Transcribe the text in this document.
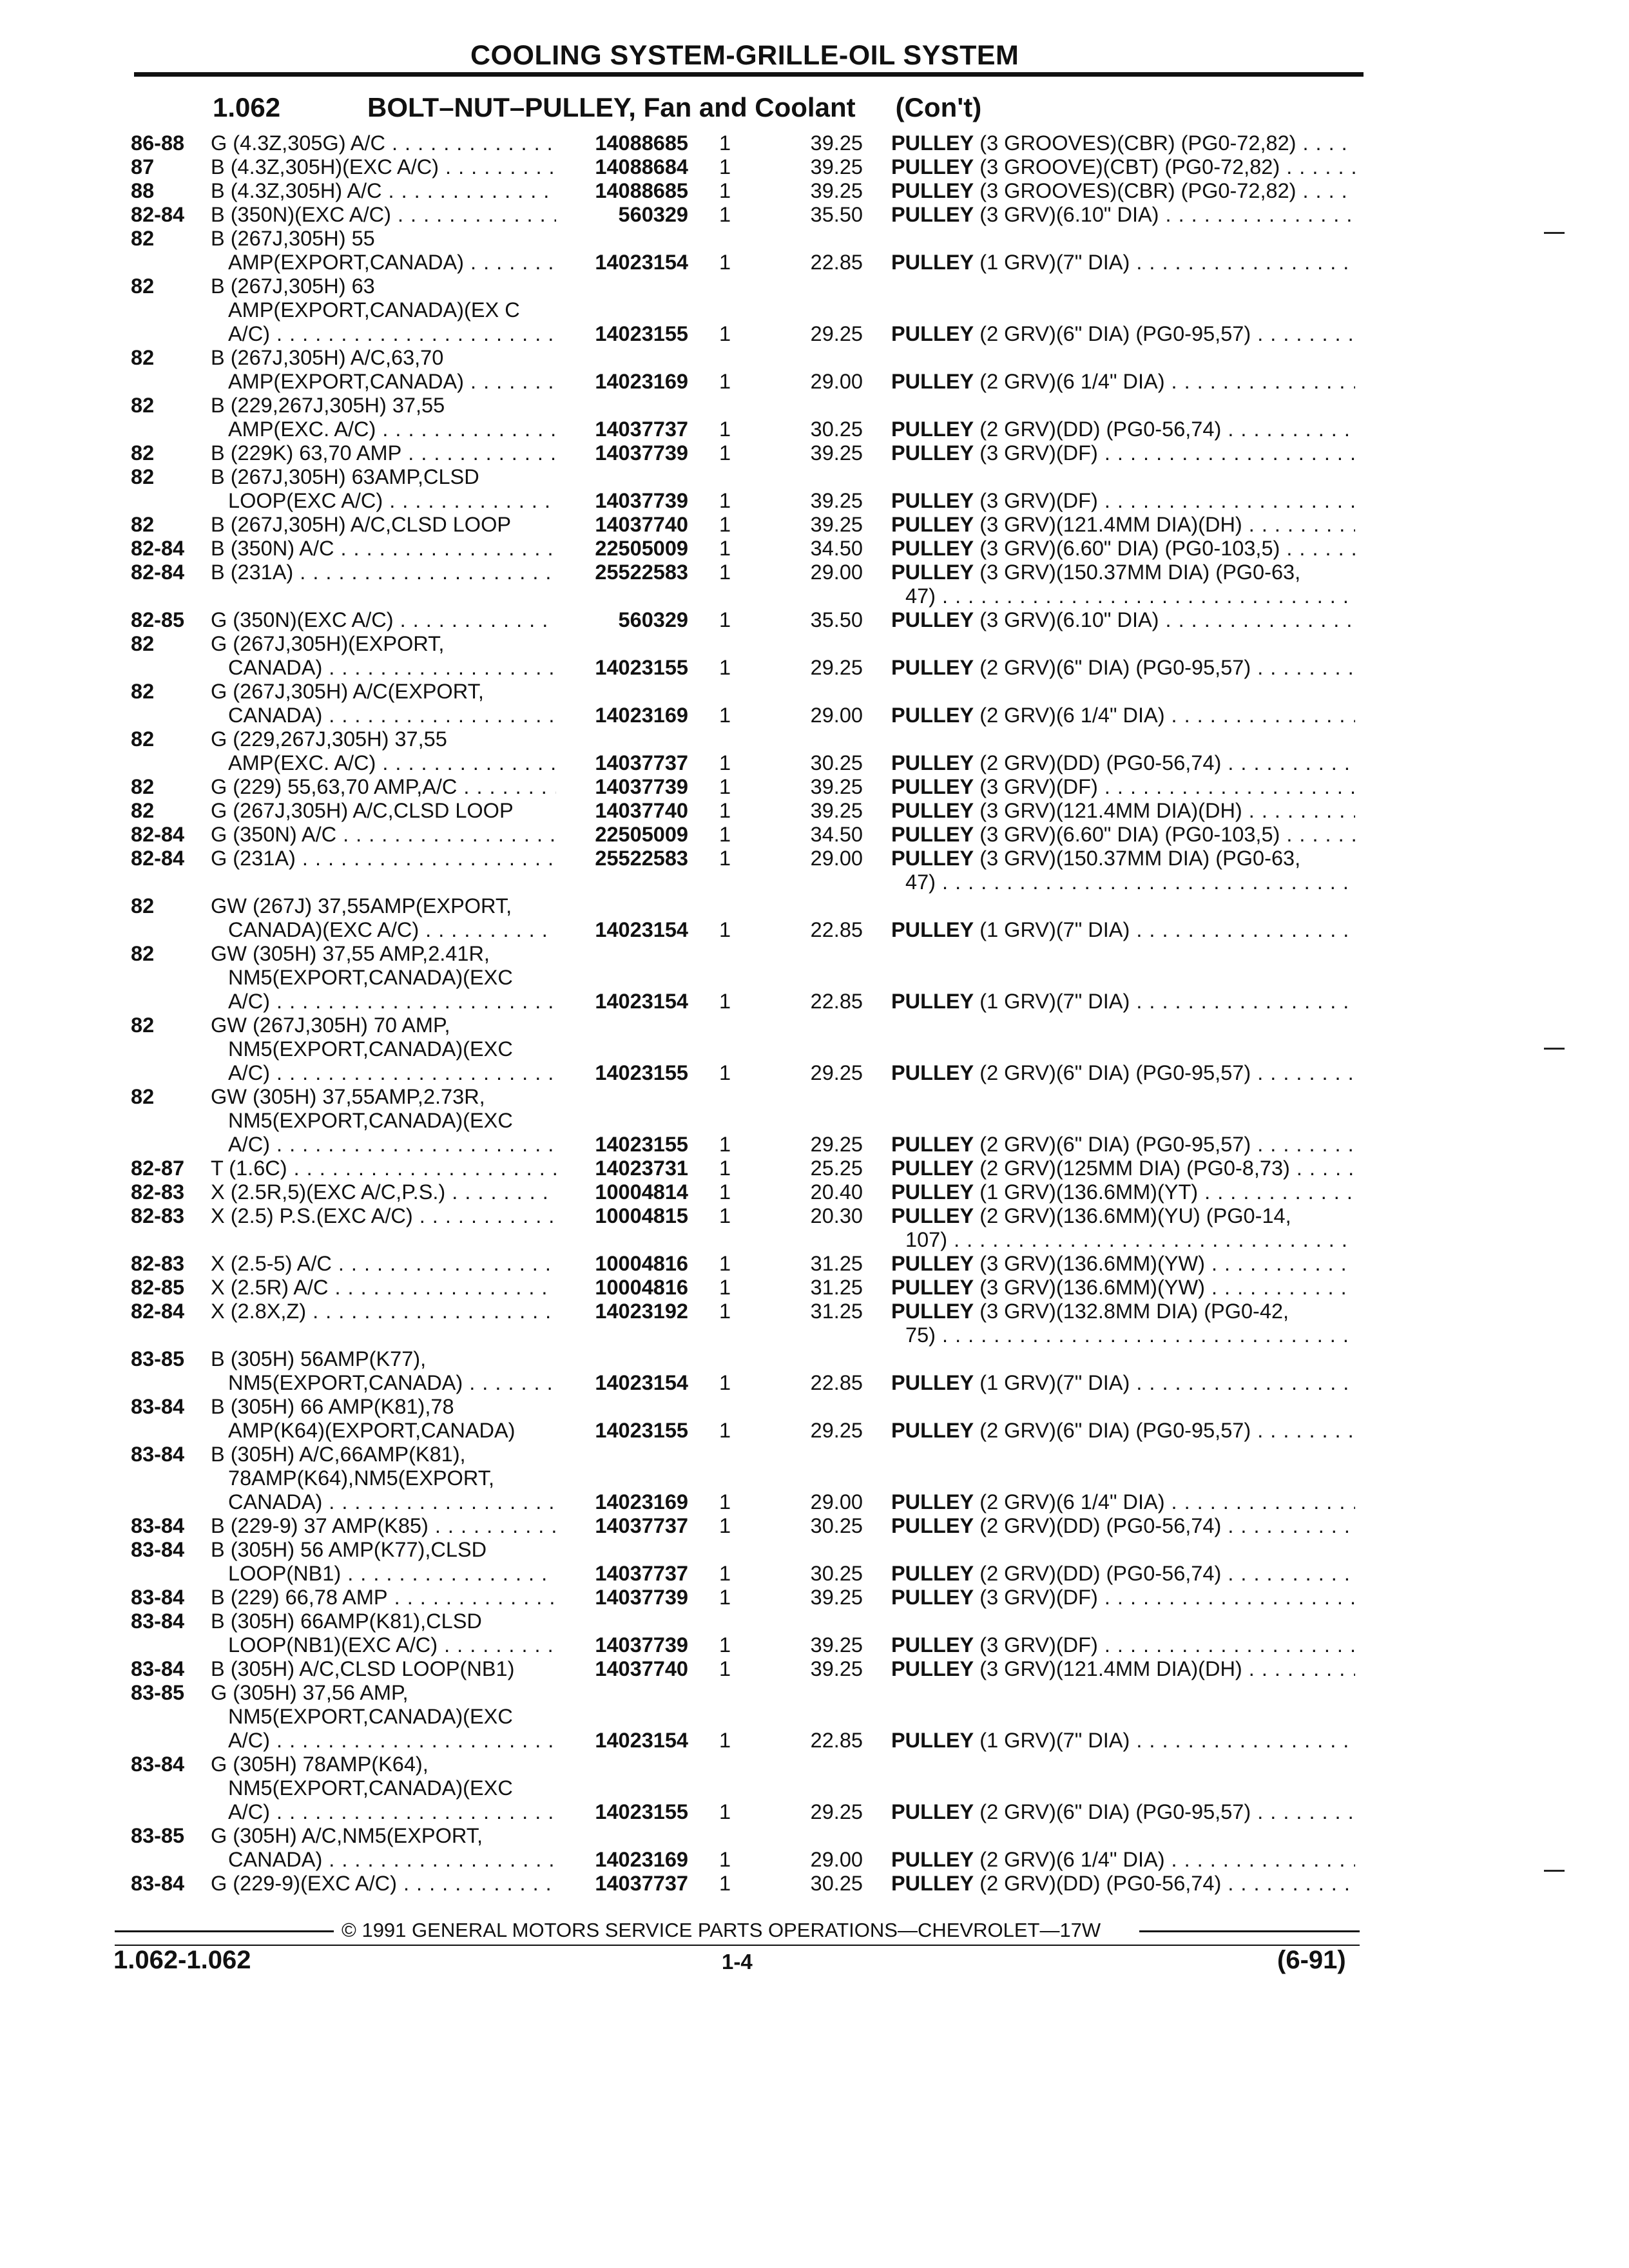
COOLING SYSTEM-GRILLE-OIL SYSTEM
1.062	BOLT–NUT–PULLEY, Fan and Coolant (Con't)
86-88 G (4.3Z,305G) A/C . . .	14088685 1	39.25 PULLEY (3 GROOVES)(CBR) (PG0-72,82) . . .
87	B (4.3Z,305H)(EXC A/C) . . .	14088684 1	39.25 PULLEY (3 GROOVE)(CBT) (PG0-72,82) . . .
88	B (4.3Z,305H) A/C . . .	14088685 1	39.25 PULLEY (3 GROOVES)(CBR) (PG0-72,82) . . .
82-84 B (350N)(EXC A/C) . . .	560329 1	35.50 PULLEY (3 GRV)(6.10" DIA) . . .
82	B (267J,305H) 55
AMP(EXPORT,CANADA) . . .	14023154 1	22.85 PULLEY (1 GRV)(7" DIA) . . .
82	B (267J,305H) 63
AMP(EXPORT,CANADA)(EX C
A/C) . . .	14023155 1	29.25 PULLEY (2 GRV)(6" DIA) (PG0-95,57) . . .
82	B (267J,305H) A/C,63,70
AMP(EXPORT,CANADA) . . .	14023169 1	29.00 PULLEY (2 GRV)(6 1/4" DIA) . . .
82	B (229,267J,305H) 37,55
AMP(EXC. A/C) . . .	14037737 1	30.25 PULLEY (2 GRV)(DD) (PG0-56,74) . . .
82	B (229K) 63,70 AMP . . .	14037739 1	39.25 PULLEY (3 GRV)(DF) . . .
82	B (267J,305H) 63AMP,CLSD
LOOP(EXC A/C) . . .	14037739 1	39.25 PULLEY (3 GRV)(DF) . . .
82	B (267J,305H) A/C,CLSD LOOP	14037740 1	39.25 PULLEY (3 GRV)(121.4MM DIA)(DH) . . .
82-84 B (350N) A/C . . .	22505009 1	34.50 PULLEY (3 GRV)(6.60" DIA) (PG0-103,5) . . .
82-84 B (231A) . . .	25522583 1	29.00 PULLEY (3 GRV)(150.37MM DIA) (PG0-63,
47) . . .
82-85 G (350N)(EXC A/C) . . .	560329 1	35.50 PULLEY (3 GRV)(6.10" DIA) . . .
82	G (267J,305H)(EXPORT,
CANADA) . . .	14023155 1	29.25 PULLEY (2 GRV)(6" DIA) (PG0-95,57) . . .
82	G (267J,305H) A/C(EXPORT,
CANADA) . . .	14023169 1	29.00 PULLEY (2 GRV)(6 1/4" DIA) . . .
82	G (229,267J,305H) 37,55
AMP(EXC. A/C) . . .	14037737 1	30.25 PULLEY (2 GRV)(DD) (PG0-56,74) . . .
82	G (229) 55,63,70 AMP,A/C . . .	14037739 1	39.25 PULLEY (3 GRV)(DF) . . .
82	G (267J,305H) A/C,CLSD LOOP	14037740 1	39.25 PULLEY (3 GRV)(121.4MM DIA)(DH) . . .
82-84 G (350N) A/C . . .	22505009 1	34.50 PULLEY (3 GRV)(6.60" DIA) (PG0-103,5) . . .
82-84 G (231A) . . .	25522583 1	29.00 PULLEY (3 GRV)(150.37MM DIA) (PG0-63,
47) . . .
82	GW (267J) 37,55AMP(EXPORT,
CANADA)(EXC A/C) . . .	14023154 1	22.85 PULLEY (1 GRV)(7" DIA) . . .
82	GW (305H) 37,55 AMP,2.41R,
NM5(EXPORT,CANADA)(EXC
A/C) . . .	14023154 1	22.85 PULLEY (1 GRV)(7" DIA) . . .
82	GW (267J,305H) 70 AMP,
NM5(EXPORT,CANADA)(EXC
A/C) . . .	14023155 1	29.25 PULLEY (2 GRV)(6" DIA) (PG0-95,57) . . .
82	GW (305H) 37,55AMP,2.73R,
NM5(EXPORT,CANADA)(EXC
A/C) . . .	14023155 1	29.25 PULLEY (2 GRV)(6" DIA) (PG0-95,57) . . .
82-87 T (1.6C) . . .	14023731 1	25.25 PULLEY (2 GRV)(125MM DIA) (PG0-8,73) . . .
82-83 X (2.5R,5)(EXC A/C,P.S.) . . .	10004814 1	20.40 PULLEY (1 GRV)(136.6MM)(YT) . . .
82-83 X (2.5) P.S.(EXC A/C) . . .	10004815 1	20.30 PULLEY (2 GRV)(136.6MM)(YU) (PG0-14,
107) . . .
82-83 X (2.5-5) A/C . . .	10004816 1	31.25 PULLEY (3 GRV)(136.6MM)(YW) . . .
82-85 X (2.5R) A/C . . .	10004816 1	31.25 PULLEY (3 GRV)(136.6MM)(YW) . . .
82-84 X (2.8X,Z) . . .	14023192 1	31.25 PULLEY (3 GRV)(132.8MM DIA) (PG0-42,
75) . . .
83-85 B (305H) 56AMP(K77),
NM5(EXPORT,CANADA) . . .	14023154 1	22.85 PULLEY (1 GRV)(7" DIA) . . .
83-84 B (305H) 66 AMP(K81),78
AMP(K64)(EXPORT,CANADA)	14023155 1	29.25 PULLEY (2 GRV)(6" DIA) (PG0-95,57) . . .
83-84 B (305H) A/C,66AMP(K81),
78AMP(K64),NM5(EXPORT,
CANADA) . . .	14023169 1	29.00 PULLEY (2 GRV)(6 1/4" DIA) . . .
83-84 B (229-9) 37 AMP(K85) . . .	14037737 1	30.25 PULLEY (2 GRV)(DD) (PG0-56,74) . . .
83-84 B (305H) 56 AMP(K77),CLSD
LOOP(NB1) . . .	14037737 1	30.25 PULLEY (2 GRV)(DD) (PG0-56,74) . . .
83-84 B (229) 66,78 AMP . . .	14037739 1	39.25 PULLEY (3 GRV)(DF) . . .
83-84 B (305H) 66AMP(K81),CLSD
LOOP(NB1)(EXC A/C) . . .	14037739 1	39.25 PULLEY (3 GRV)(DF) . . .
83-84 B (305H) A/C,CLSD LOOP(NB1)	14037740 1	39.25 PULLEY (3 GRV)(121.4MM DIA)(DH) . . .
83-85 G (305H) 37,56 AMP,
NM5(EXPORT,CANADA)(EXC
A/C) . . .	14023154 1	22.85 PULLEY (1 GRV)(7" DIA) . . .
83-84 G (305H) 78AMP(K64),
NM5(EXPORT,CANADA)(EXC
A/C) . . .	14023155 1	29.25 PULLEY (2 GRV)(6" DIA) (PG0-95,57) . . .
83-85 G (305H) A/C,NM5(EXPORT,
CANADA) . . .	14023169 1	29.00 PULLEY (2 GRV)(6 1/4" DIA) . . .
83-84 G (229-9)(EXC A/C) . . .	14037737 1	30.25 PULLEY (2 GRV)(DD) (PG0-56,74) . . .
© 1991 GENERAL MOTORS SERVICE PARTS OPERATIONS—CHEVROLET—17W
1.062-1.062	1-4	(6-91)
